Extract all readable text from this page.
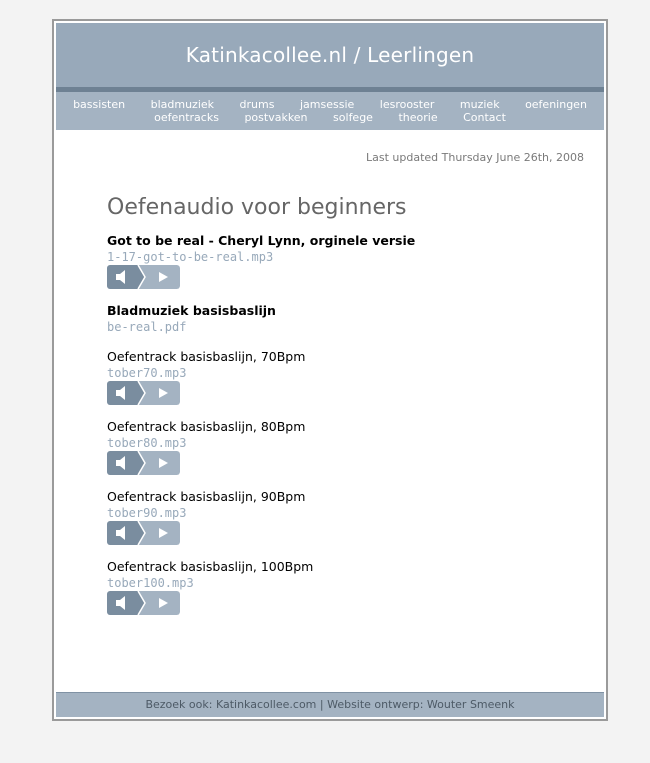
Katinkacollee.nl / Leerlingen
bassisten bladmuziek drums jamsessie lesrooster muziek oefeningen
oefentracks postvakken solfege theorie Contact
Last updated Thursday June 26th, 2008
Oefenaudio voor beginners
Got to be real - Cheryl Lynn, orginele versie
1-17-got-to-be-real.mp3
Bladmuziek basisbaslijn
be-real.pdf
Oefentrack basisbaslijn, 70Bpm
tober70.mp3
Oefentrack basisbaslijn, 80Bpm
tober80.mp3
Oefentrack basisbaslijn, 90Bpm
tober90.mp3
Oefentrack basisbaslijn, 100Bpm
tober100.mp3
Bezoek ook: Katinkacollee.com | Website ontwerp: Wouter Smeenk
